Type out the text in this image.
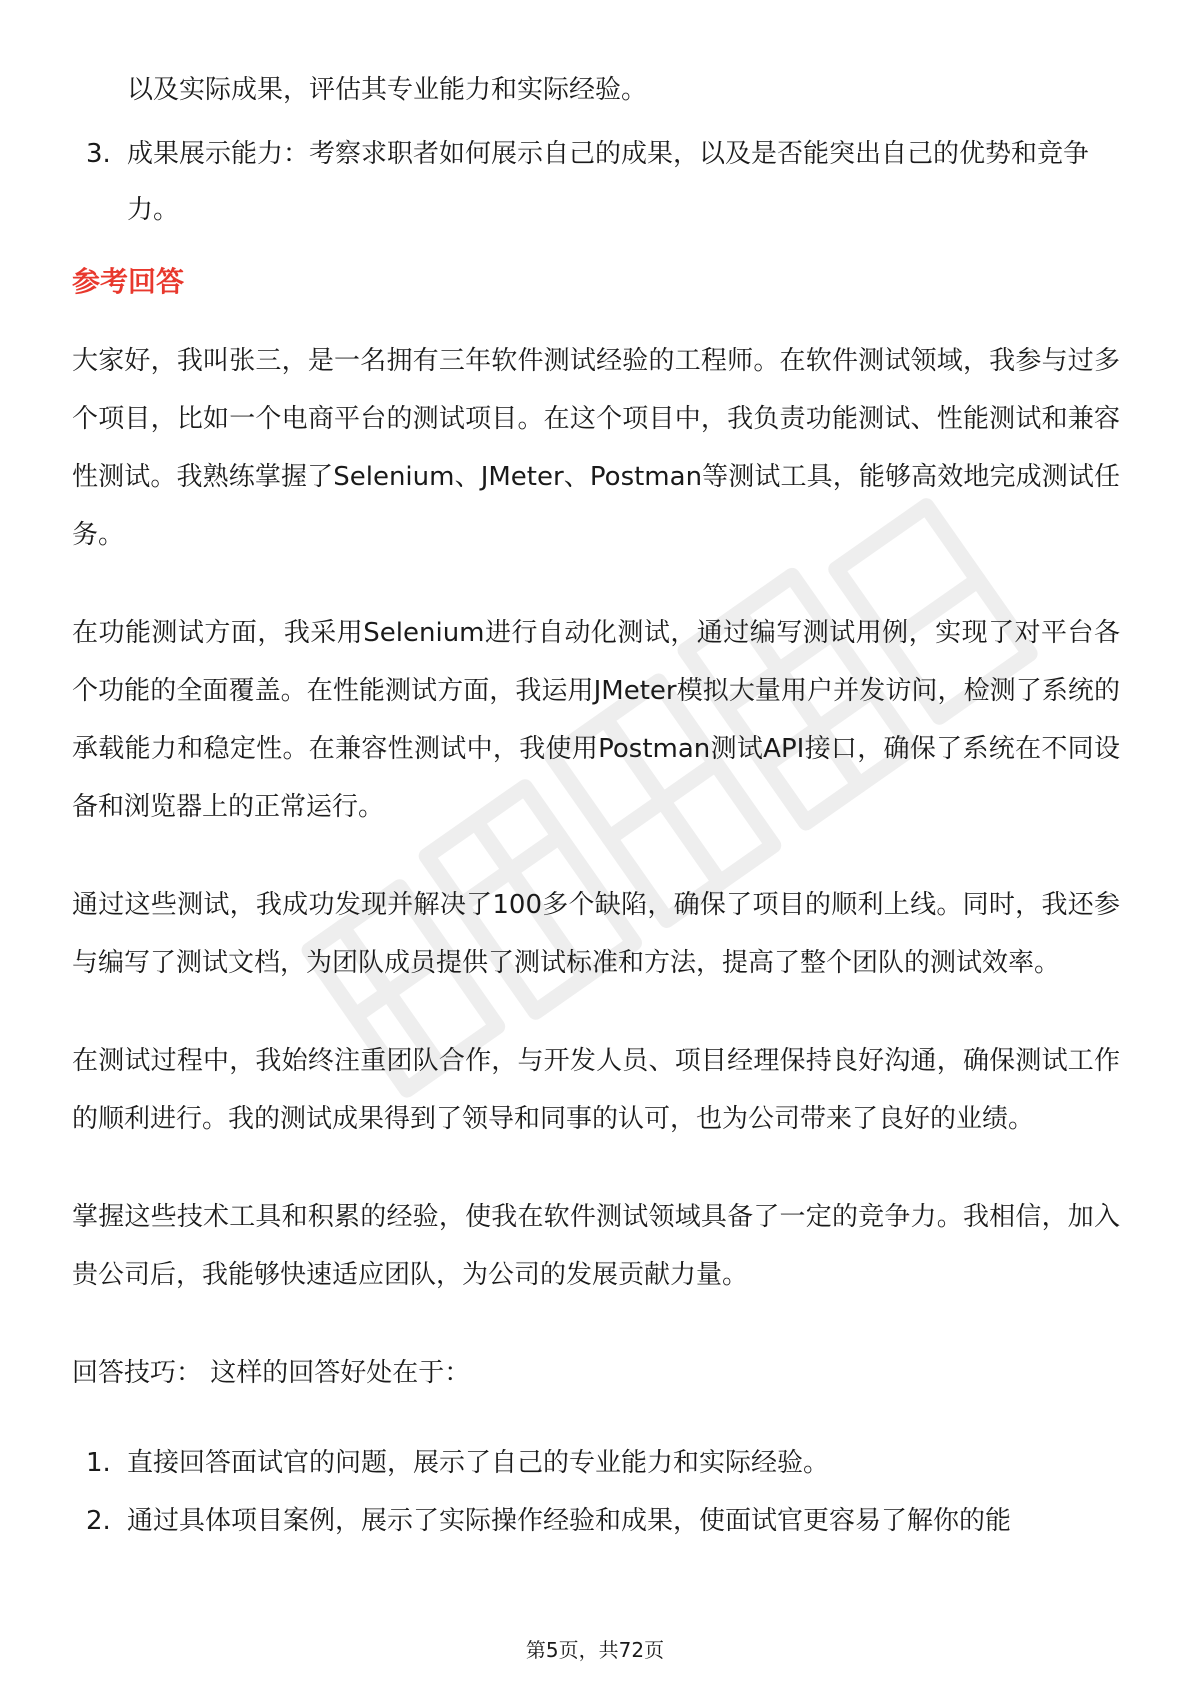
以及实际成果，评估其专业能力和实际经验。

3. 成果展示能力：考察求职者如何展示自己的成果，以及是否能突出自己的优势和竞争力。
参考回答

大家好，我叫张三，是一名拥有三年软件测试经验的工程师。在软件测试领域，我参与过多个项目，比如一个电商平台的测试项目。在这个项目中，我负责功能测试、性能测试和兼容性测试。我熟练掌握了Selenium、JMeter、Postman等测试工具，能够高效地完成测试任务。

在功能测试方面，我采用Selenium进行自动化测试，通过编写测试用例，实现了对平台各个功能的全面覆盖。在性能测试方面，我运用JMeter模拟大量用户并发访问，检测了系统的承载能力和稳定性。在兼容性测试中，我使用Postman测试API接口，确保了系统在不同设备和浏览器上的正常运行。

通过这些测试，我成功发现并解决了100多个缺陷，确保了项目的顺利上线。同时，我还参与编写了测试文档，为团队成员提供了测试标准和方法，提高了整个团队的测试效率。

在测试过程中，我始终注重团队合作，与开发人员、项目经理保持良好沟通，确保测试工作的顺利进行。我的测试成果得到了领导和同事的认可，也为公司带来了良好的业绩。

掌握这些技术工具和积累的经验，使我在软件测试领域具备了一定的竞争力。我相信，加入贵公司后，我能够快速适应团队，为公司的发展贡献力量。

回答技巧： 这样的回答好处在于：

1. 直接回答面试官的问题，展示了自己的专业能力和实际经验。
2. 通过具体项目案例，展示了实际操作经验和成果，使面试官更容易了解你的能
第5页，共72页
